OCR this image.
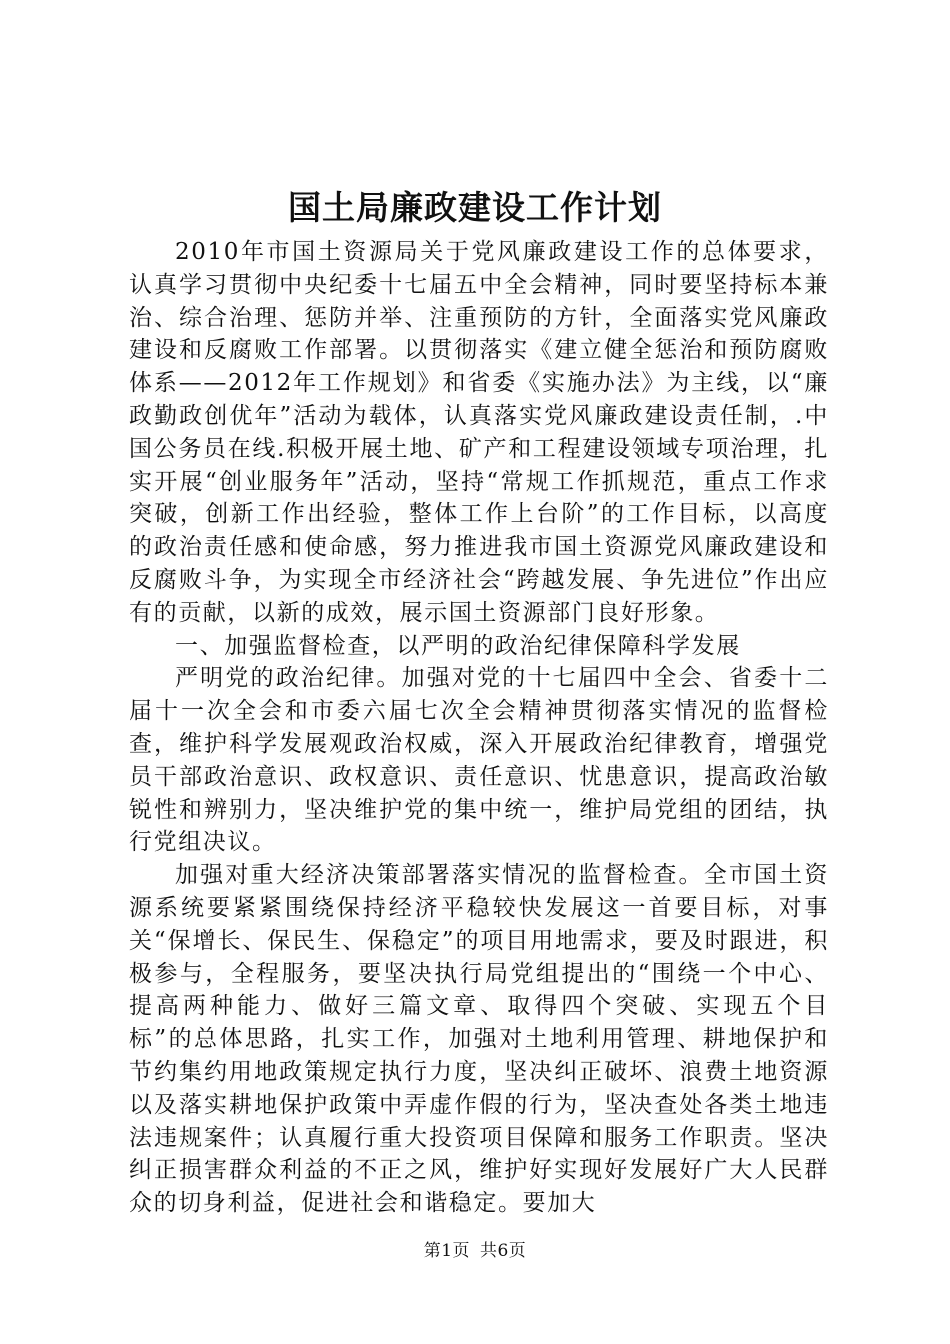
国土局廉政建设工作计划

2010年市国土资源局关于党风廉政建设工作的总体要求，认真学习贯彻中央纪委十七届五中全会精神，同时要坚持标本兼治、综合治理、惩防并举、注重预防的方针，全面落实党风廉政建设和反腐败工作部署。以贯彻落实《建立健全惩治和预防腐败体系——2012年工作规划》和省委《实施办法》为主线，以“廉政勤政创优年”活动为载体，认真落实党风廉政建设责任制，.中国公务员在线.积极开展土地、矿产和工程建设领域专项治理，扎实开展“创业服务年”活动，坚持“常规工作抓规范，重点工作求突破，创新工作出经验，整体工作上台阶”的工作目标，以高度的政治责任感和使命感，努力推进我市国土资源党风廉政建设和反腐败斗争，为实现全市经济社会“跨越发展、争先进位”作出应有的贡献，以新的成效，展示国土资源部门良好形象。

一、加强监督检查，以严明的政治纪律保障科学发展

严明党的政治纪律。加强对党的十七届四中全会、省委十二届十一次全会和市委六届七次全会精神贯彻落实情况的监督检查，维护科学发展观政治权威，深入开展政治纪律教育，增强党员干部政治意识、政权意识、责任意识、忧患意识，提高政治敏锐性和辨别力，坚决维护党的集中统一，维护局党组的团结，执行党组决议。

加强对重大经济决策部署落实情况的监督检查。全市国土资源系统要紧紧围绕保持经济平稳较快发展这一首要目标，对事关“保增长、保民生、保稳定”的项目用地需求，要及时跟进，积极参与，全程服务，要坚决执行局党组提出的“围绕一个中心、提高两种能力、做好三篇文章、取得四个突破、实现五个目标”的总体思路，扎实工作，加强对土地利用管理、耕地保护和节约集约用地政策规定执行力度，坚决纠正破坏、浪费土地资源以及落实耕地保护政策中弄虚作假的行为，坚决查处各类土地违法违规案件；认真履行重大投资项目保障和服务工作职责。坚决纠正损害群众利益的不正之风，维护好实现好发展好广大人民群众的切身利益，促进社会和谐稳定。要加大

第1页 共6页
